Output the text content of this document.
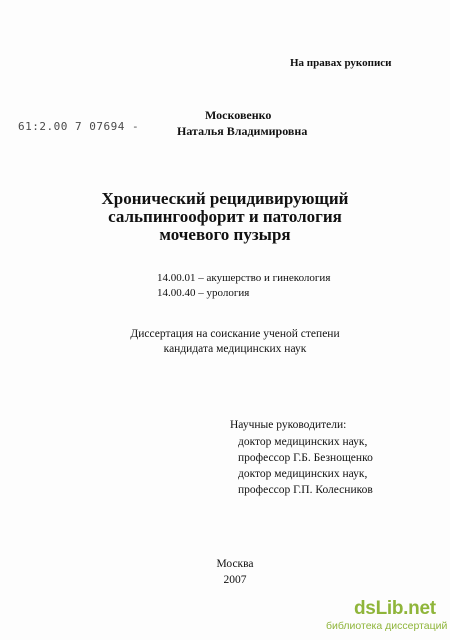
На правах рукописи
61:2.00 7 07694 -
Московенко
Наталья Владимировна
Хронический рецидивирующий
сальпингоофорит и патология
мочевого пузыря
14.00.01 – акушерство и гинекология
14.00.40 – урология
Диссертация на соискание ученой степени
кандидата медицинских наук
Научные руководители:
доктор медицинских наук,
профессор Г.Б. Безнощенко
доктор медицинских наук,
профессор Г.П. Колесников
Москва
2007
dsLib.net
библиотека диссертаций
